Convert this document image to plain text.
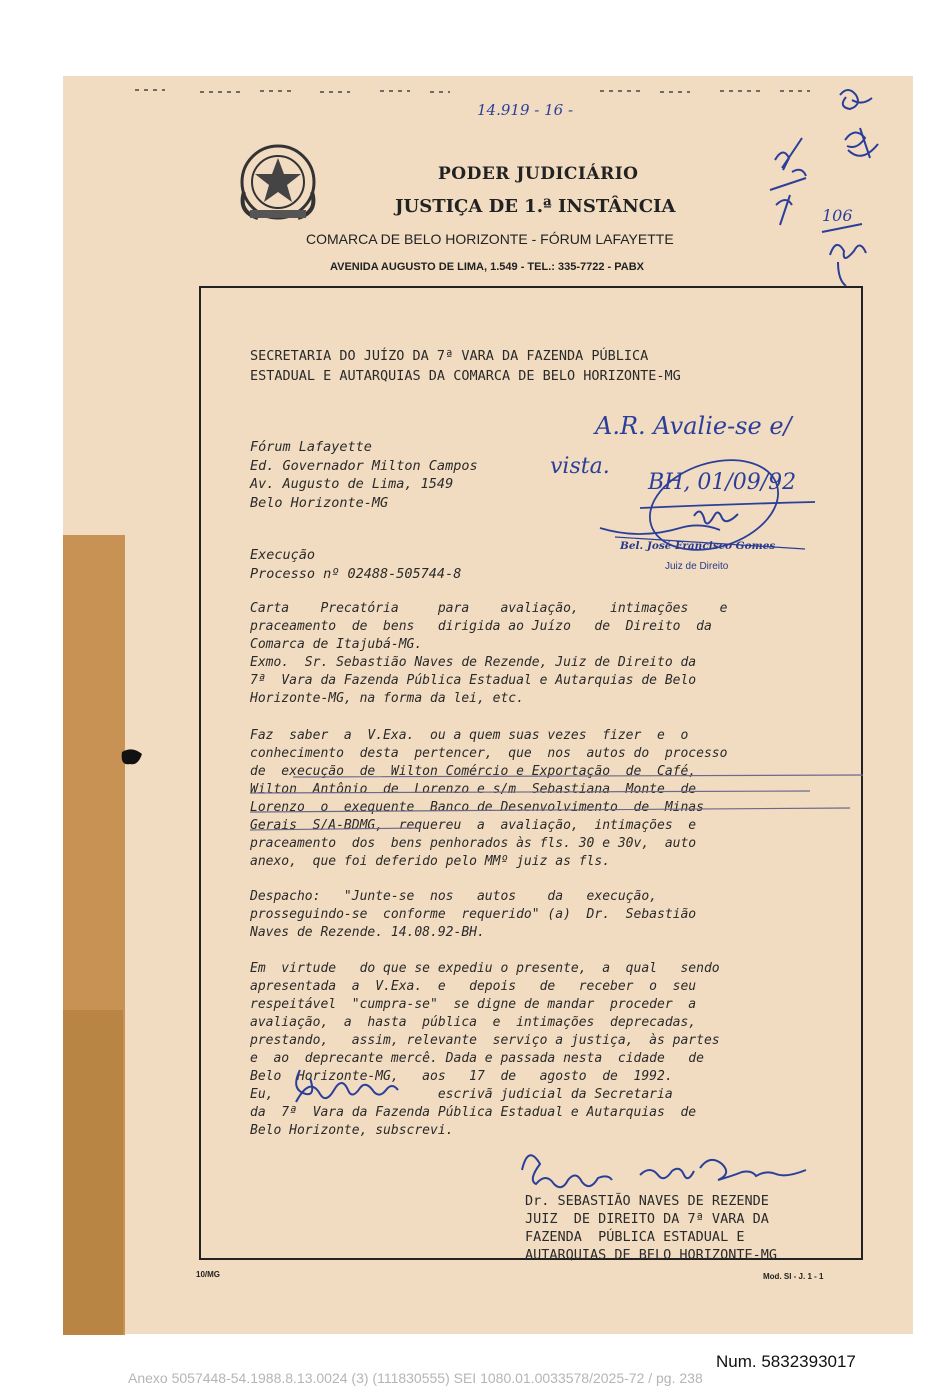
PODER JUDICIÁRIO
JUSTIÇA DE 1.ª INSTÂNCIA
COMARCA DE BELO HORIZONTE - FÓRUM LAFAYETTE
AVENIDA AUGUSTO DE LIMA, 1.549 - TEL.: 335-7722 - PABX
14.919 - 16 -
SECRETARIA DO JUÍZO DA 7ª VARA DA FAZENDA PÚBLICA
ESTADUAL E AUTARQUIAS DA COMARCA DE BELO HORIZONTE-MG
Fórum Lafayette
Ed. Governador Milton Campos
Av. Augusto de Lima, 1549
Belo Horizonte-MG
Execução
Processo nº 02488-505744-8
Carta    Precatória     para    avaliação,    intimações    e
praceamento  de  bens   dirigida ao Juízo   de  Direito  da
Comarca de Itajubá-MG.
Exmo.  Sr. Sebastião Naves de Rezende, Juiz de Direito da
7ª  Vara da Fazenda Pública Estadual e Autarquias de Belo
Horizonte-MG, na forma da lei, etc.
Faz  saber  a  V.Exa.  ou a quem suas vezes  fizer  e  o
conhecimento  desta  pertencer,  que  nos  autos do  processo
de  execução  de  Wilton Comércio e Exportação  de  Café,
Wilton  Antônio  de  Lorenzo e s/m  Sebastiana  Monte  de
Lorenzo  o  exequente  Banco de Desenvolvimento  de  Minas
Gerais  S/A-BDMG,  requereu  a  avaliação,  intimações  e
praceamento  dos  bens penhorados às fls. 30 e 30v,  auto
anexo,  que foi deferido pelo MMº juiz as fls.
Despacho:   "Junte-se  nos   autos    da   execução,
prosseguindo-se  conforme  requerido" (a)  Dr.  Sebastião
Naves de Rezende. 14.08.92-BH.
Em  virtude   do que se expediu o presente,  a  qual   sendo
apresentada  a  V.Exa.  e   depois   de   receber  o  seu
respeitável  "cumpra-se"  se digne de mandar  proceder  a
avaliação,  a  hasta  pública  e  intimações  deprecadas,
prestando,   assim, relevante  serviço a justiça,  às partes
e  ao  deprecante mercê. Dada e passada nesta  cidade   de
Belo  Horizonte-MG,   aos   17  de   agosto  de  1992.
Eu,                     escrivã judicial da Secretaria
da  7ª  Vara da Fazenda Pública Estadual e Autarquias  de
Belo Horizonte, subscrevi.
Dr. SEBASTIÃO NAVES DE REZENDE
JUIZ  DE DIREITO DA 7ª VARA DA
FAZENDA  PÚBLICA ESTADUAL E
AUTARQUIAS DE BELO HORIZONTE-MG
A.R. Avalie-se e/
vista.
BH, 01/09/92
106
Bel. José Francisco Gomes
Juiz de Direito
10/MG	Mod. SI - J. 1 - 1
Num. 5832393017
Anexo 5057448-54.1988.8.13.0024 (3) (111830555) SEI 1080.01.0033578/2025-72 / pg. 238
